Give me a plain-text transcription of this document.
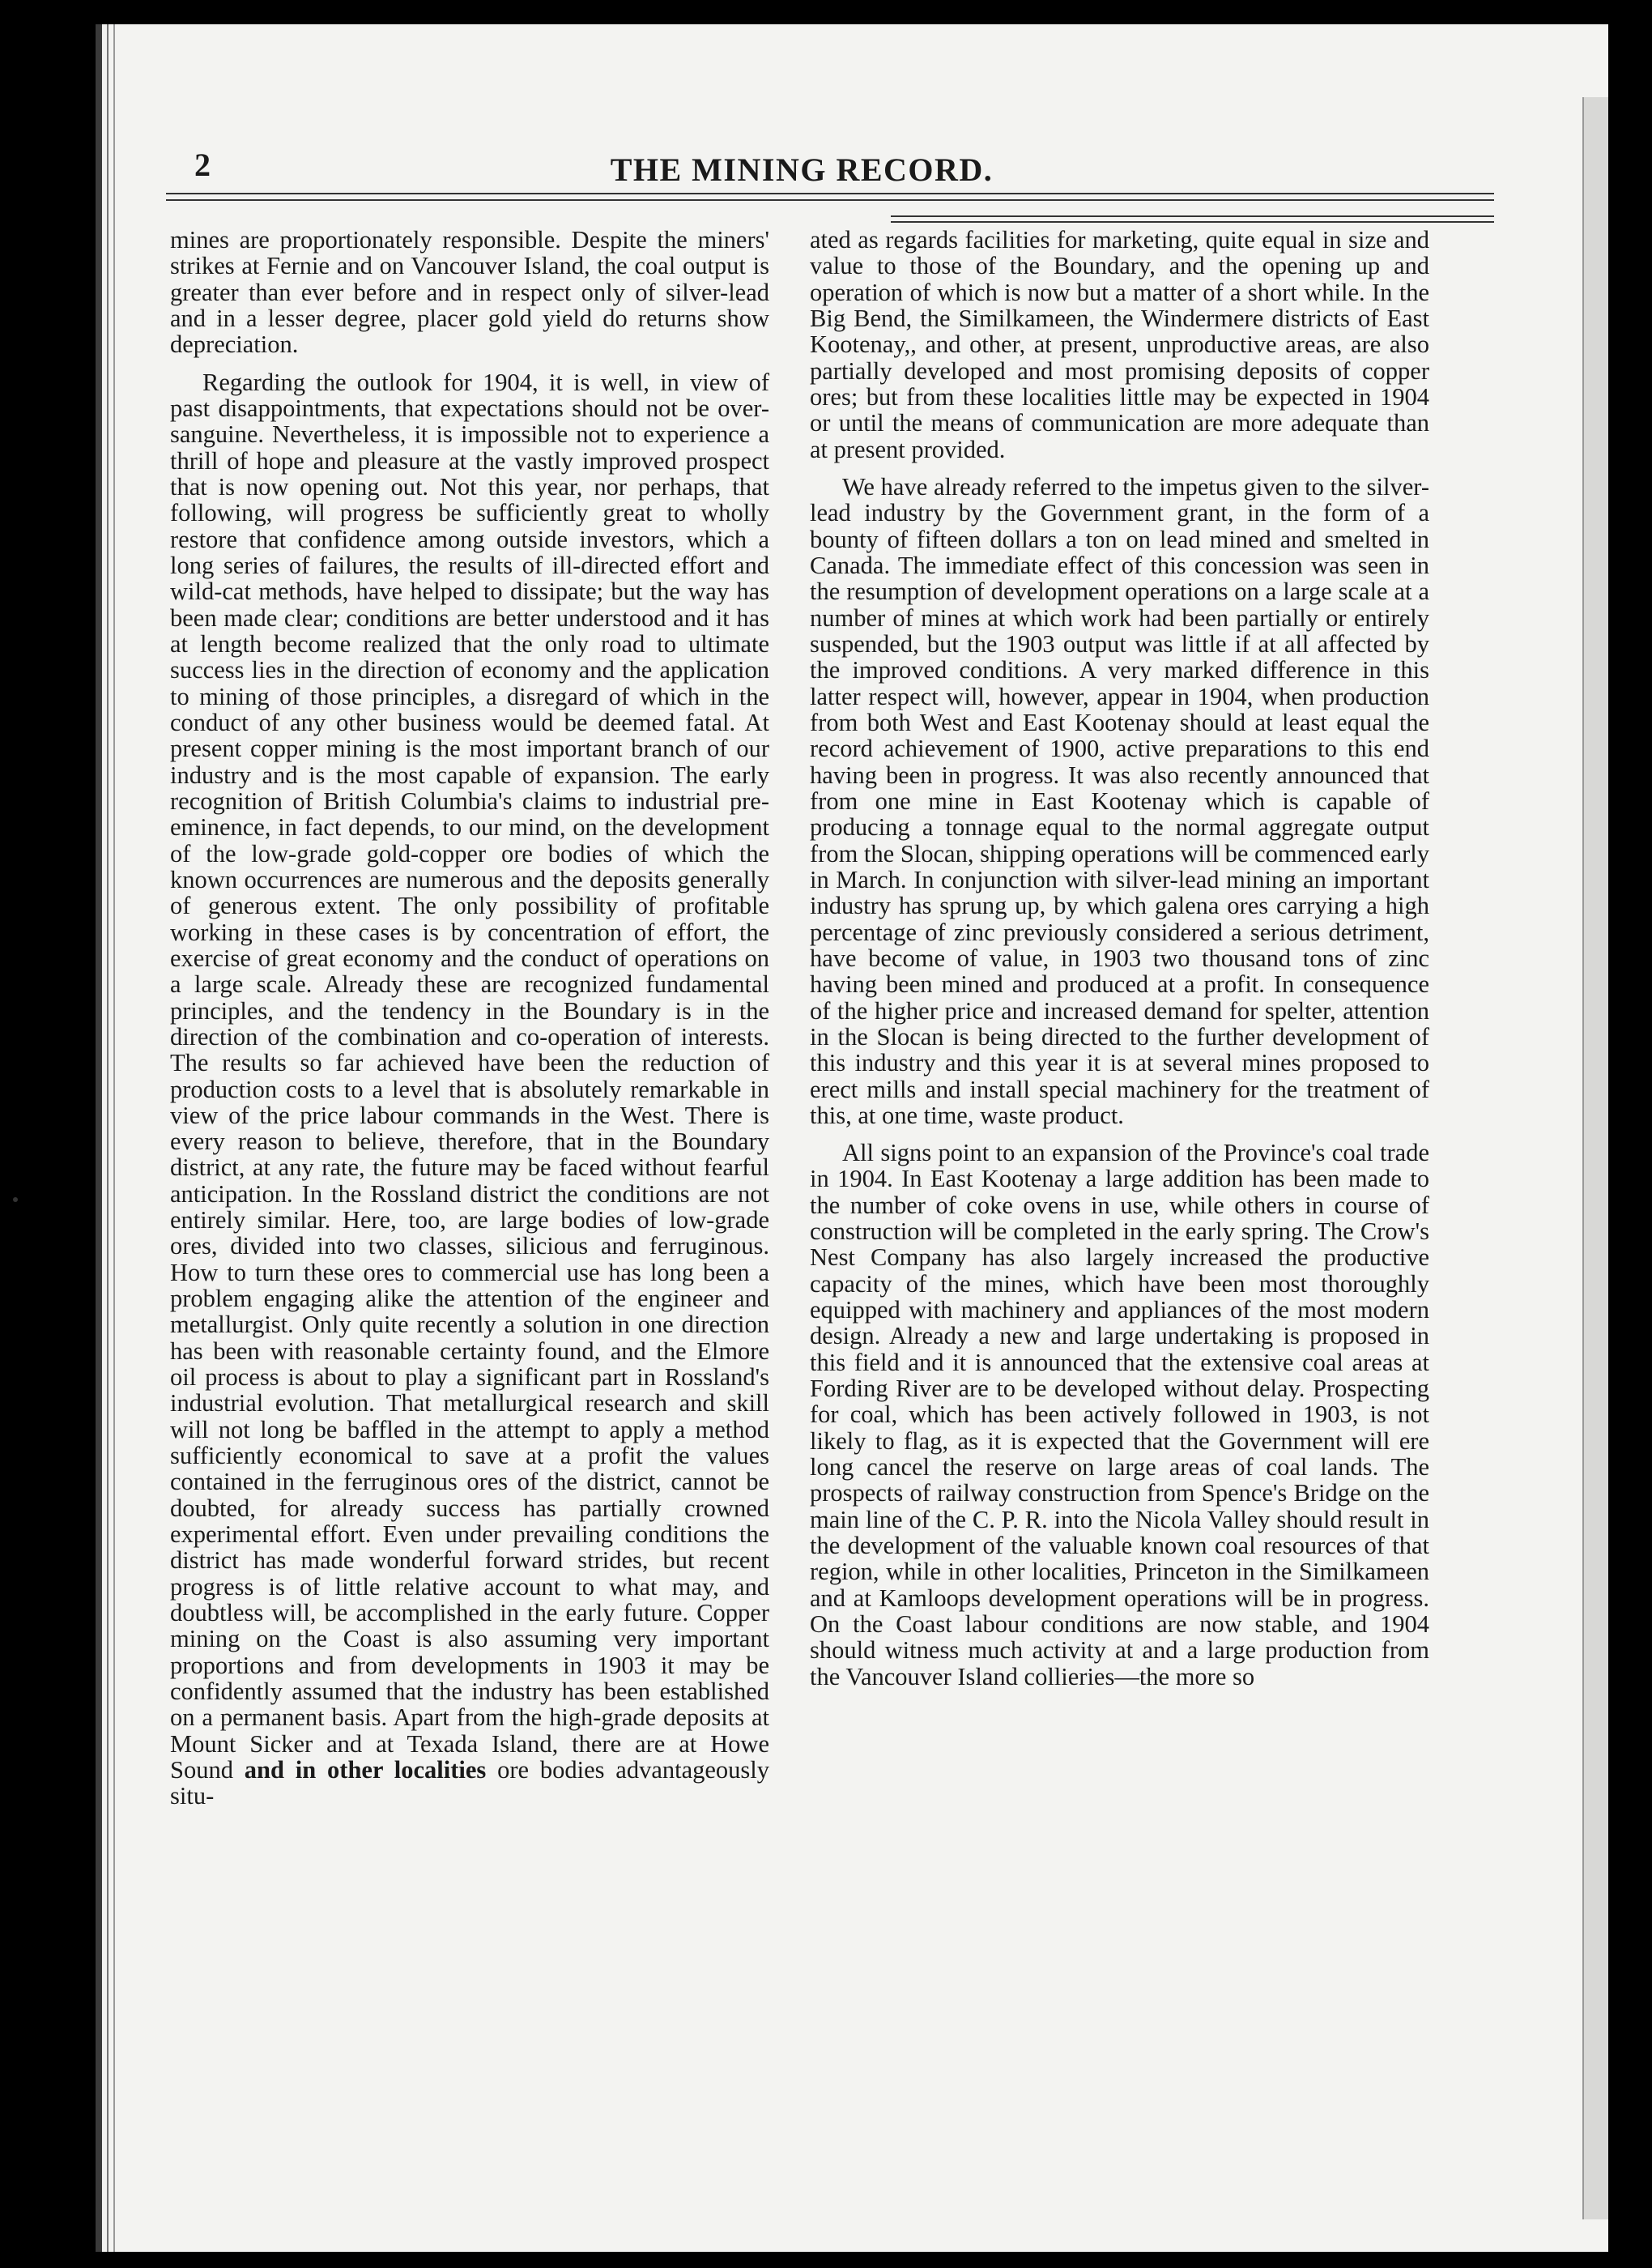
2	THE MINING RECORD.

mines are proportionately responsible. Despite the miners' strikes at Fernie and on Vancouver Island, the coal output is greater than ever before and in respect only of silver-lead and in a lesser degree, placer gold yield do returns show depreciation.

Regarding the outlook for 1904, it is well, in view of past disappointments, that expectations should not be over-sanguine. Nevertheless, it is impossible not to experience a thrill of hope and pleasure at the vastly improved prospect that is now opening out. Not this year, nor perhaps, that following, will progress be sufficiently great to wholly restore that confidence among outside investors, which a long series of failures, the results of ill-directed effort and wild-cat methods, have helped to dissipate; but the way has been made clear; conditions are better understood and it has at length become realized that the only road to ultimate success lies in the direction of economy and the application to mining of those principles, a disregard of which in the conduct of any other business would be deemed fatal. At present copper mining is the most important branch of our industry and is the most capable of expansion. The early recognition of British Columbia's claims to industrial pre-eminence, in fact depends, to our mind, on the development of the low-grade gold-copper ore bodies of which the known occurrences are numerous and the deposits generally of generous extent. The only possibility of profitable working in these cases is by concentration of effort, the exercise of great economy and the conduct of operations on a large scale. Already these are recognized fundamental principles, and the tendency in the Boundary is in the direction of the combination and co-operation of interests. The results so far achieved have been the reduction of production costs to a level that is absolutely remarkable in view of the price labour commands in the West. There is every reason to believe, therefore, that in the Boundary district, at any rate, the future may be faced without fearful anticipation. In the Rossland district the conditions are not entirely similar. Here, too, are large bodies of low-grade ores, divided into two classes, silicious and ferruginous. How to turn these ores to commercial use has long been a problem engaging alike the attention of the engineer and metallurgist. Only quite recently a solution in one direction has been with reasonable certainty found, and the Elmore oil process is about to play a significant part in Rossland's industrial evolution. That metallurgical research and skill will not long be baffled in the attempt to apply a method sufficiently economical to save at a profit the values contained in the ferruginous ores of the district, cannot be doubted, for already success has partially crowned experimental effort. Even under prevailing conditions the district has made wonderful forward strides, but recent progress is of little relative account to what may, and doubtless will, be accomplished in the early future. Copper mining on the Coast is also assuming very important proportions and from developments in 1903 it may be confidently assumed that the industry has been established on a permanent basis. Apart from the high-grade deposits at Mount Sicker and at Texada Island, there are at Howe Sound and in other localities ore bodies advantageously situ-

ated as regards facilities for marketing, quite equal in size and value to those of the Boundary, and the opening up and operation of which is now but a matter of a short while. In the Big Bend, the Similkameen, the Windermere districts of East Kootenay,, and other, at present, unproductive areas, are also partially developed and most promising deposits of copper ores; but from these localities little may be expected in 1904 or until the means of communication are more adequate than at present provided.

We have already referred to the impetus given to the silver-lead industry by the Government grant, in the form of a bounty of fifteen dollars a ton on lead mined and smelted in Canada. The immediate effect of this concession was seen in the resumption of development operations on a large scale at a number of mines at which work had been partially or entirely suspended, but the 1903 output was little if at all affected by the improved conditions. A very marked difference in this latter respect will, however, appear in 1904, when production from both West and East Kootenay should at least equal the record achievement of 1900, active preparations to this end having been in progress. It was also recently announced that from one mine in East Kootenay which is capable of producing a tonnage equal to the normal aggregate output from the Slocan, shipping operations will be commenced early in March. In conjunction with silver-lead mining an important industry has sprung up, by which galena ores carrying a high percentage of zinc previously considered a serious detriment, have become of value, in 1903 two thousand tons of zinc having been mined and produced at a profit. In consequence of the higher price and increased demand for spelter, attention in the Slocan is being directed to the further development of this industry and this year it is at several mines proposed to erect mills and install special machinery for the treatment of this, at one time, waste product.

All signs point to an expansion of the Province's coal trade in 1904. In East Kootenay a large addition has been made to the number of coke ovens in use, while others in course of construction will be completed in the early spring. The Crow's Nest Company has also largely increased the productive capacity of the mines, which have been most thoroughly equipped with machinery and appliances of the most modern design. Already a new and large undertaking is proposed in this field and it is announced that the extensive coal areas at Fording River are to be developed without delay. Prospecting for coal, which has been actively followed in 1903, is not likely to flag, as it is expected that the Government will ere long cancel the reserve on large areas of coal lands. The prospects of railway construction from Spence's Bridge on the main line of the C. P. R. into the Nicola Valley should result in the development of the valuable known coal resources of that region, while in other localities, Princeton in the Similkameen and at Kamloops development operations will be in progress. On the Coast labour conditions are now stable, and 1904 should witness much activity at and a large production from the Vancouver Island collieries—the more so
